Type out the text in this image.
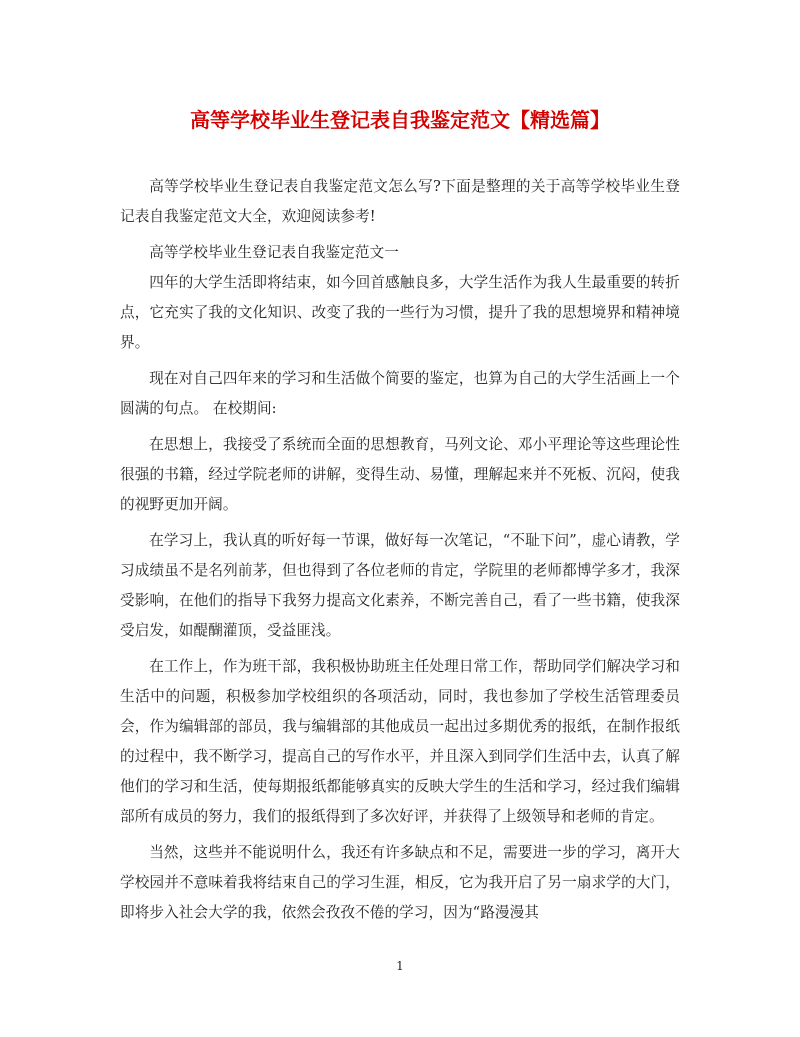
高等学校毕业生登记表自我鉴定范文【精选篇】

高等学校毕业生登记表自我鉴定范文怎么写?下面是整理的关于高等学校毕业生登记表自我鉴定范文大全，欢迎阅读参考!

高等学校毕业生登记表自我鉴定范文一

四年的大学生活即将结束，如今回首感触良多，大学生活作为我人生最重要的转折点，它充实了我的文化知识、改变了我的一些行为习惯，提升了我的思想境界和精神境界。

现在对自己四年来的学习和生活做个简要的鉴定，也算为自己的大学生活画上一个圆满的句点。 在校期间:

在思想上，我接受了系统而全面的思想教育，马列文论、邓小平理论等这些理论性很强的书籍，经过学院老师的讲解，变得生动、易懂，理解起来并不死板、沉闷，使我的视野更加开阔。

在学习上，我认真的听好每一节课，做好每一次笔记，“不耻下问”，虚心请教，学习成绩虽不是名列前茅，但也得到了各位老师的肯定，学院里的老师都博学多才，我深受影响，在他们的指导下我努力提高文化素养，不断完善自己，看了一些书籍，使我深受启发，如醍醐灌顶，受益匪浅。

在工作上，作为班干部，我积极协助班主任处理日常工作，帮助同学们解决学习和生活中的问题，积极参加学校组织的各项活动，同时，我也参加了学校生活管理委员会，作为编辑部的部员，我与编辑部的其他成员一起出过多期优秀的报纸，在制作报纸的过程中，我不断学习，提高自己的写作水平，并且深入到同学们生活中去，认真了解他们的学习和生活，使每期报纸都能够真实的反映大学生的生活和学习，经过我们编辑部所有成员的努力，我们的报纸得到了多次好评，并获得了上级领导和老师的肯定。

当然，这些并不能说明什么，我还有许多缺点和不足，需要进一步的学习，离开大学校园并不意味着我将结束自己的学习生涯，相反，它为我开启了另一扇求学的大门，即将步入社会大学的我，依然会孜孜不倦的学习，因为“路漫漫其

1
